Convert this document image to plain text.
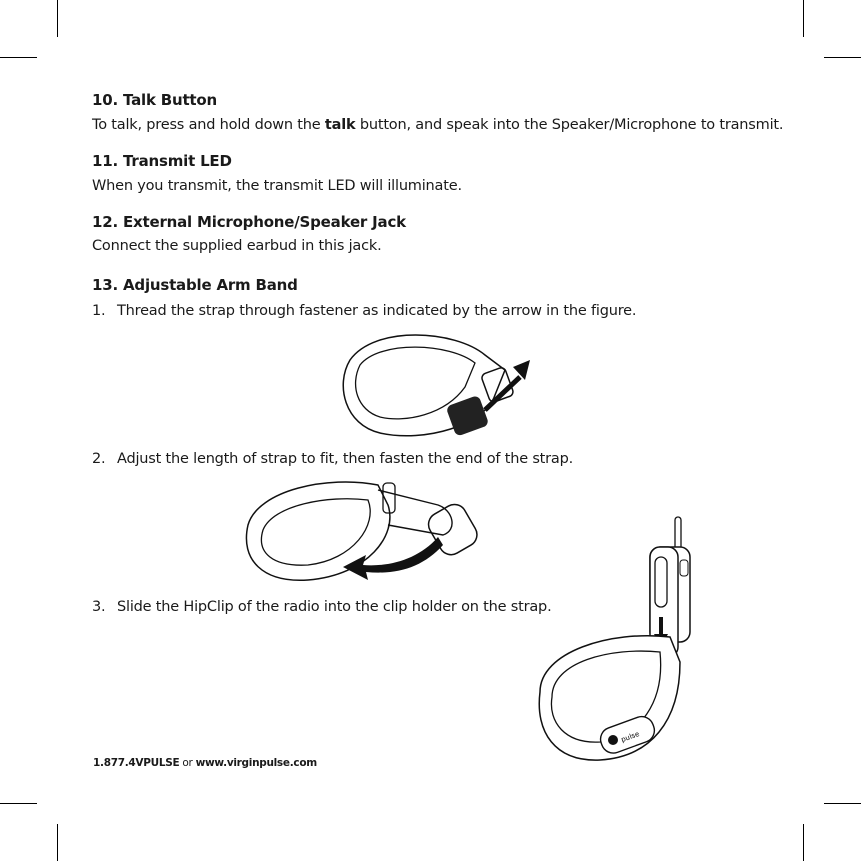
10. Talk Button
To talk, press and hold down the talk button, and speak into the Speaker/Microphone to transmit.
11. Transmit LED
When you transmit, the transmit LED will illuminate.
12. External Microphone/Speaker Jack
Connect the supplied earbud in this jack.
13. Adjustable Arm Band
1. Thread the strap through fastener as indicated by the arrow in the figure.
2. Adjust the length of strap to fit, then fasten the end of the strap.
3. Slide the HipClip of the radio into the clip holder on the strap.
pulse
1.877.4VPULSE or www.virginpulse.com
